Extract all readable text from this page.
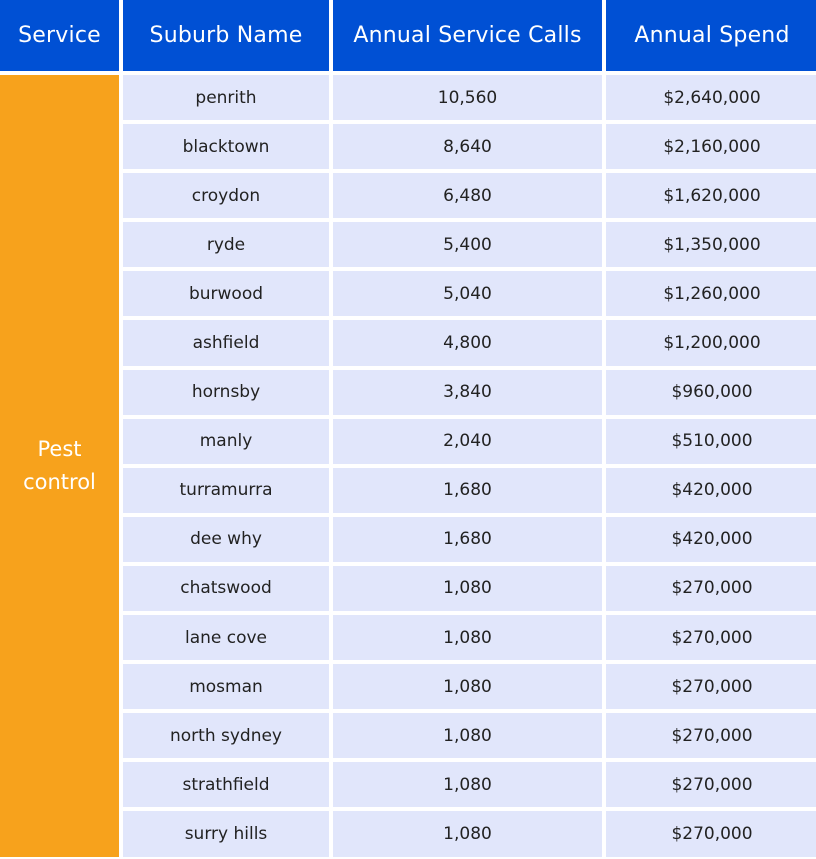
Service	Suburb Name	Annual Service Calls	Annual Spend
Pest control
penrith	10,560	$2,640,000
blacktown	8,640	$2,160,000
croydon	6,480	$1,620,000
ryde	5,400	$1,350,000
burwood	5,040	$1,260,000
ashfield	4,800	$1,200,000
hornsby	3,840	$960,000
manly	2,040	$510,000
turramurra	1,680	$420,000
dee why	1,680	$420,000
chatswood	1,080	$270,000
lane cove	1,080	$270,000
mosman	1,080	$270,000
north sydney	1,080	$270,000
strathfield	1,080	$270,000
surry hills	1,080	$270,000
